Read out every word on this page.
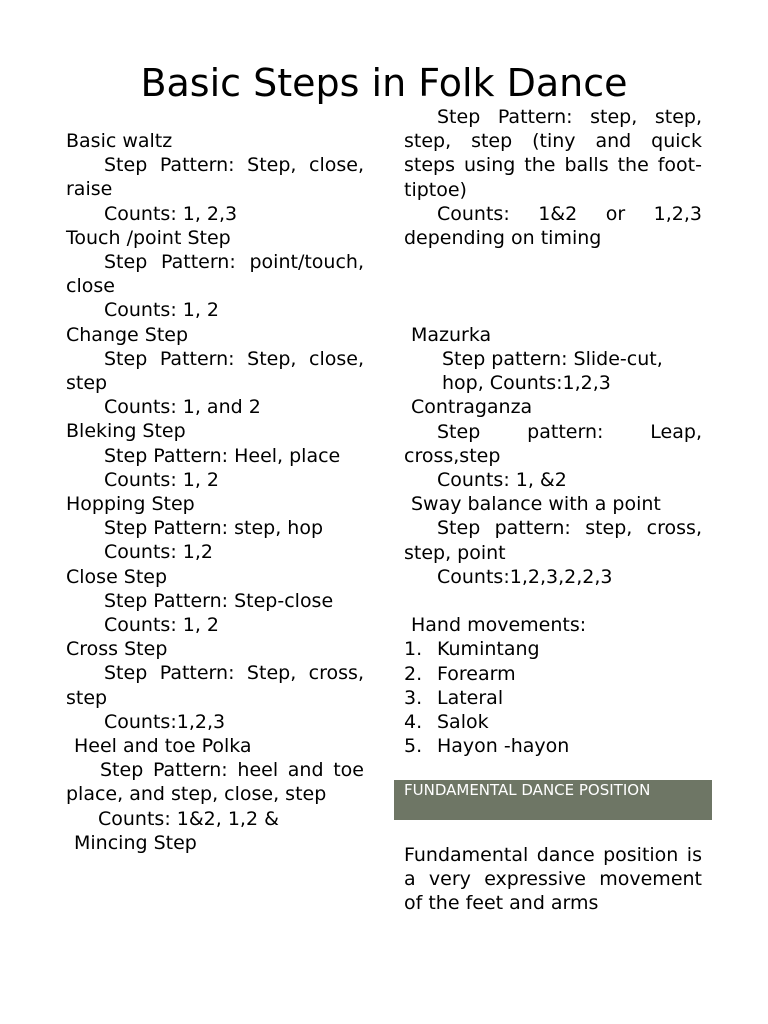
Basic Steps in Folk Dance

Basic waltz

Step Pattern: Step, close, raise

Counts: 1, 2,3

Touch /point Step

Step Pattern: point/touch, close

Counts: 1, 2

Change Step

Step Pattern: Step, close, step

Counts: 1, and 2

Bleking Step

Step Pattern: Heel, place

Counts: 1, 2

Hopping Step

Step Pattern: step, hop

Counts: 1,2

Close Step

Step Pattern: Step-close

Counts: 1, 2

Cross Step

Step Pattern: Step, cross, step

Counts:1,2,3

Heel and toe Polka

Step Pattern: heel and toe place, and step, close, step

Counts: 1&2, 1,2 &

Mincing Step

Step Pattern: step, step, step, step (tiny and quick steps using the balls the foot-tiptoe)

Counts: 1&2 or 1,2,3 depending on timing

Mazurka

Step pattern: Slide-cut,

hop, Counts:1,2,3

Contraganza

Step pattern: Leap, cross,step

Counts: 1, &2

Sway balance with a point

Step pattern: step, cross, step, point

Counts:1,2,3,2,2,3

Hand movements:

1. Kumintang
2. Forearm
3. Lateral
4. Salok
5. Hayon -hayon

FUNDAMENTAL DANCE POSITION

Fundamental dance position is a very expressive movement of the feet and arms
